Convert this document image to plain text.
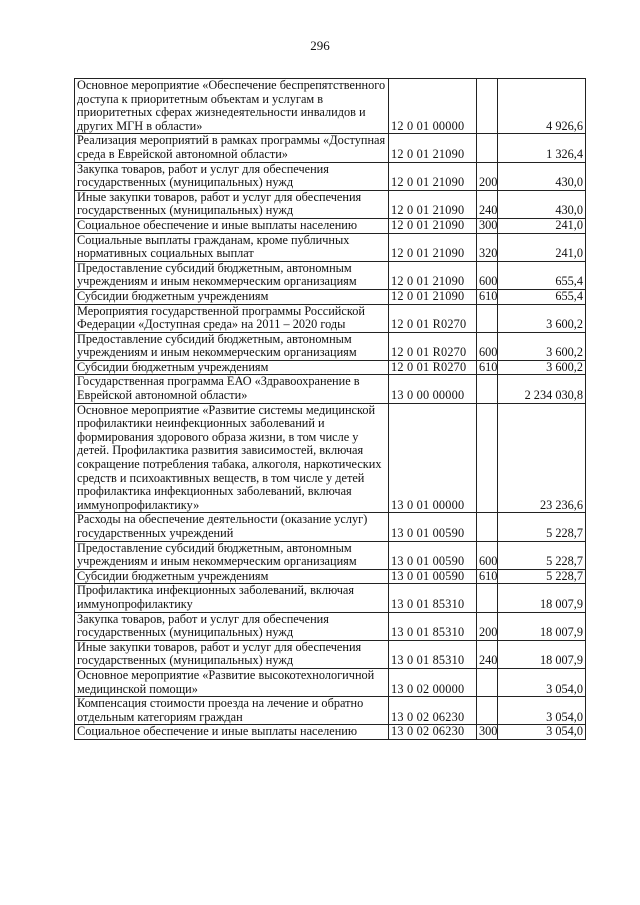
296
Основное мероприятие «Обеспечение беспрепятственного доступа к приоритетным объектам и услугам в приоритетных сферах жизнедеятельности инвалидов и других МГН в области»	12 0 01 00000		4 926,6
Реализация мероприятий в рамках программы «Доступная среда в Еврейской автономной области»	12 0 01 21090		1 326,4
Закупка товаров, работ и услуг для обеспечения государственных (муниципальных) нужд	12 0 01 21090	200	430,0
Иные закупки товаров, работ и услуг для обеспечения государственных (муниципальных) нужд	12 0 01 21090	240	430,0
Социальное обеспечение и иные выплаты населению	12 0 01 21090	300	241,0
Социальные выплаты гражданам, кроме публичных нормативных социальных выплат	12 0 01 21090	320	241,0
Предоставление субсидий бюджетным, автономным учреждениям и иным некоммерческим организациям	12 0 01 21090	600	655,4
Субсидии бюджетным учреждениям	12 0 01 21090	610	655,4
Мероприятия государственной программы Российской Федерации «Доступная среда» на 2011 – 2020 годы	12 0 01 R0270		3 600,2
Предоставление субсидий бюджетным, автономным учреждениям и иным некоммерческим организациям	12 0 01 R0270	600	3 600,2
Субсидии бюджетным учреждениям	12 0 01 R0270	610	3 600,2
Государственная программа ЕАО «Здравоохранение в Еврейской автономной области»	13 0 00 00000		2 234 030,8
Основное мероприятие «Развитие системы медицинской профилактики неинфекционных заболеваний и формирования здорового образа жизни, в том числе у детей. Профилактика развития зависимостей, включая сокращение потребления табака, алкоголя, наркотических средств и психоактивных веществ, в том числе у детей профилактика инфекционных заболеваний, включая иммунопрофилактику»	13 0 01 00000		23 236,6
Расходы на обеспечение деятельности (оказание услуг) государственных учреждений	13 0 01 00590		5 228,7
Предоставление субсидий бюджетным, автономным учреждениям и иным некоммерческим организациям	13 0 01 00590	600	5 228,7
Субсидии бюджетным учреждениям	13 0 01 00590	610	5 228,7
Профилактика инфекционных заболеваний, включая иммунопрофилактику	13 0 01 85310		18 007,9
Закупка товаров, работ и услуг для обеспечения государственных (муниципальных) нужд	13 0 01 85310	200	18 007,9
Иные закупки товаров, работ и услуг для обеспечения государственных (муниципальных) нужд	13 0 01 85310	240	18 007,9
Основное мероприятие «Развитие высокотехнологичной медицинской помощи»	13 0 02 00000		3 054,0
Компенсация стоимости проезда на лечение и обратно отдельным категориям граждан	13 0 02 06230		3 054,0
Социальное обеспечение и иные выплаты населению	13 0 02 06230	300	3 054,0
